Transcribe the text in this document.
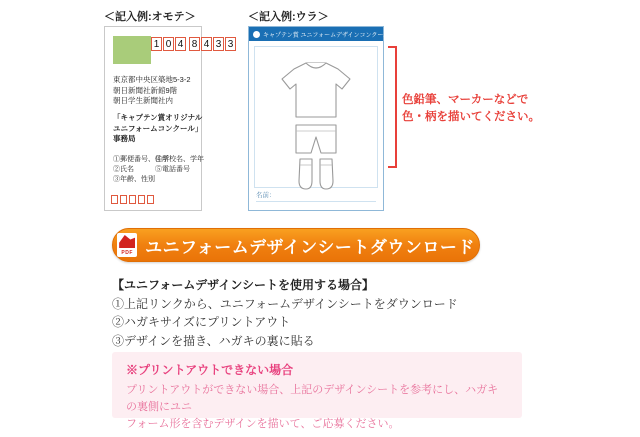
＜記入例:オモテ＞
1 0 4 8 4 3 3
東京都中央区築地5-3-2
朝日新聞社新館9階
朝日学生新聞社内
「キャプテン賞オリジナル
ユニフォームコンクール」
事務局
①郵便番号、住所
②氏名
③年齢、性別
④学校名、学年
⑤電話番号
＜記入例:ウラ＞
キャプテン賞 ユニフォームデザインコンクール
名前：
色鉛筆、マーカーなどで
色・柄を描いてください。
PDF ユニフォームデザインシートダウンロード
【ユニフォームデザインシートを使用する場合】
①上記リンクから、ユニフォームデザインシートをダウンロード
②ハガキサイズにプリントアウト
③デザインを描き、ハガキの裏に貼る
※プリントアウトできない場合
プリントアウトができない場合、上記のデザインシートを参考にし、ハガキの裏側にユニ
フォーム形を含むデザインを描いて、ご応募ください。
